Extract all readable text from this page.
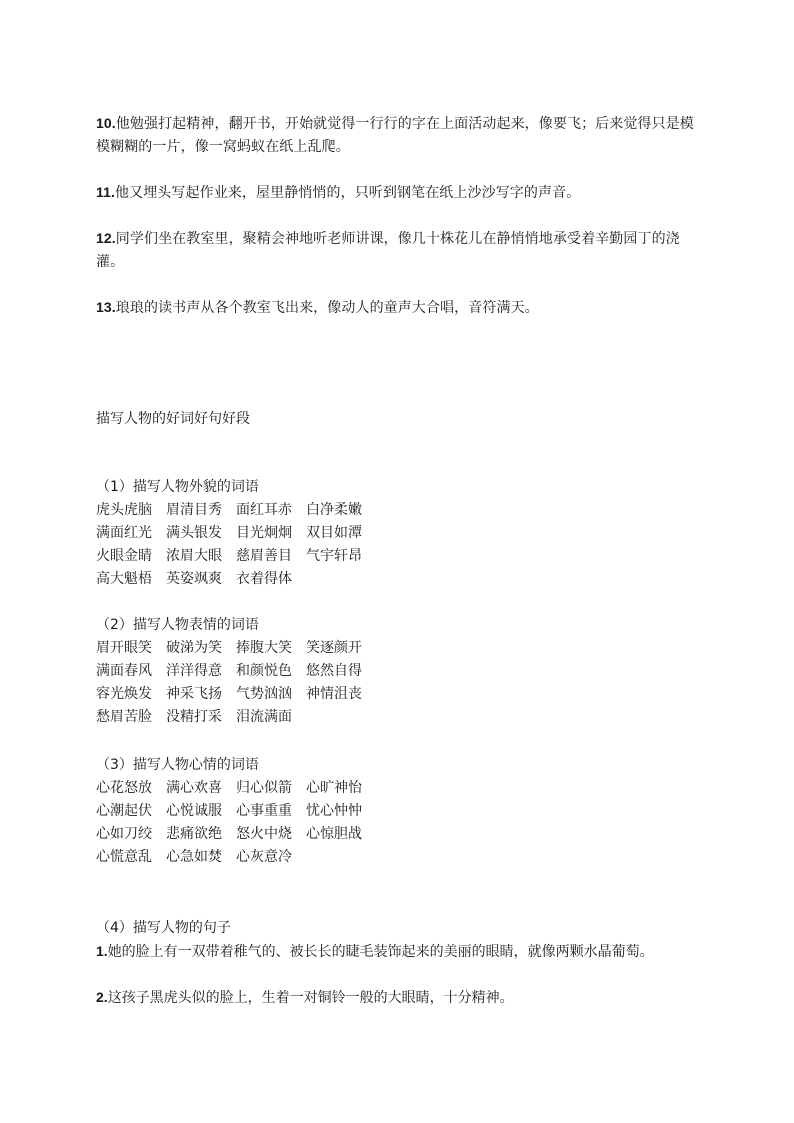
10.他勉强打起精神，翻开书，开始就觉得一行行的字在上面活动起来，像要飞；后来觉得只是模模糊糊的一片，像一窝蚂蚁在纸上乱爬。

11.他又埋头写起作业来，屋里静悄悄的，只听到钢笔在纸上沙沙写字的声音。

12.同学们坐在教室里，聚精会神地听老师讲课，像几十株花儿在静悄悄地承受着辛勤园丁的浇灌。

13.琅琅的读书声从各个教室飞出来，像动人的童声大合唱，音符满天。

描写人物的好词好句好段
（1）描写人物外貌的词语
虎头虎脑 眉清目秀 面红耳赤 白净柔嫩
满面红光 满头银发 目光炯炯 双目如潭
火眼金睛 浓眉大眼 慈眉善目 气宇轩昂
高大魁梧 英姿飒爽 衣着得体
（2）描写人物表情的词语
眉开眼笑 破涕为笑 捧腹大笑 笑逐颜开
满面春风 洋洋得意 和颜悦色 悠然自得
容光焕发 神采飞扬 气势汹汹 神情沮丧
愁眉苦脸 没精打采 泪流满面
（3）描写人物心情的词语
心花怒放 满心欢喜 归心似箭 心旷神怡
心潮起伏 心悦诚服 心事重重 忧心忡忡
心如刀绞 悲痛欲绝 怒火中烧 心惊胆战
心慌意乱 心急如焚 心灰意冷
（4）描写人物的句子
1.她的脸上有一双带着稚气的、被长长的睫毛装饰起来的美丽的眼睛，就像两颗水晶葡萄。
2.这孩子黑虎头似的脸上，生着一对铜铃一般的大眼睛，十分精神。
